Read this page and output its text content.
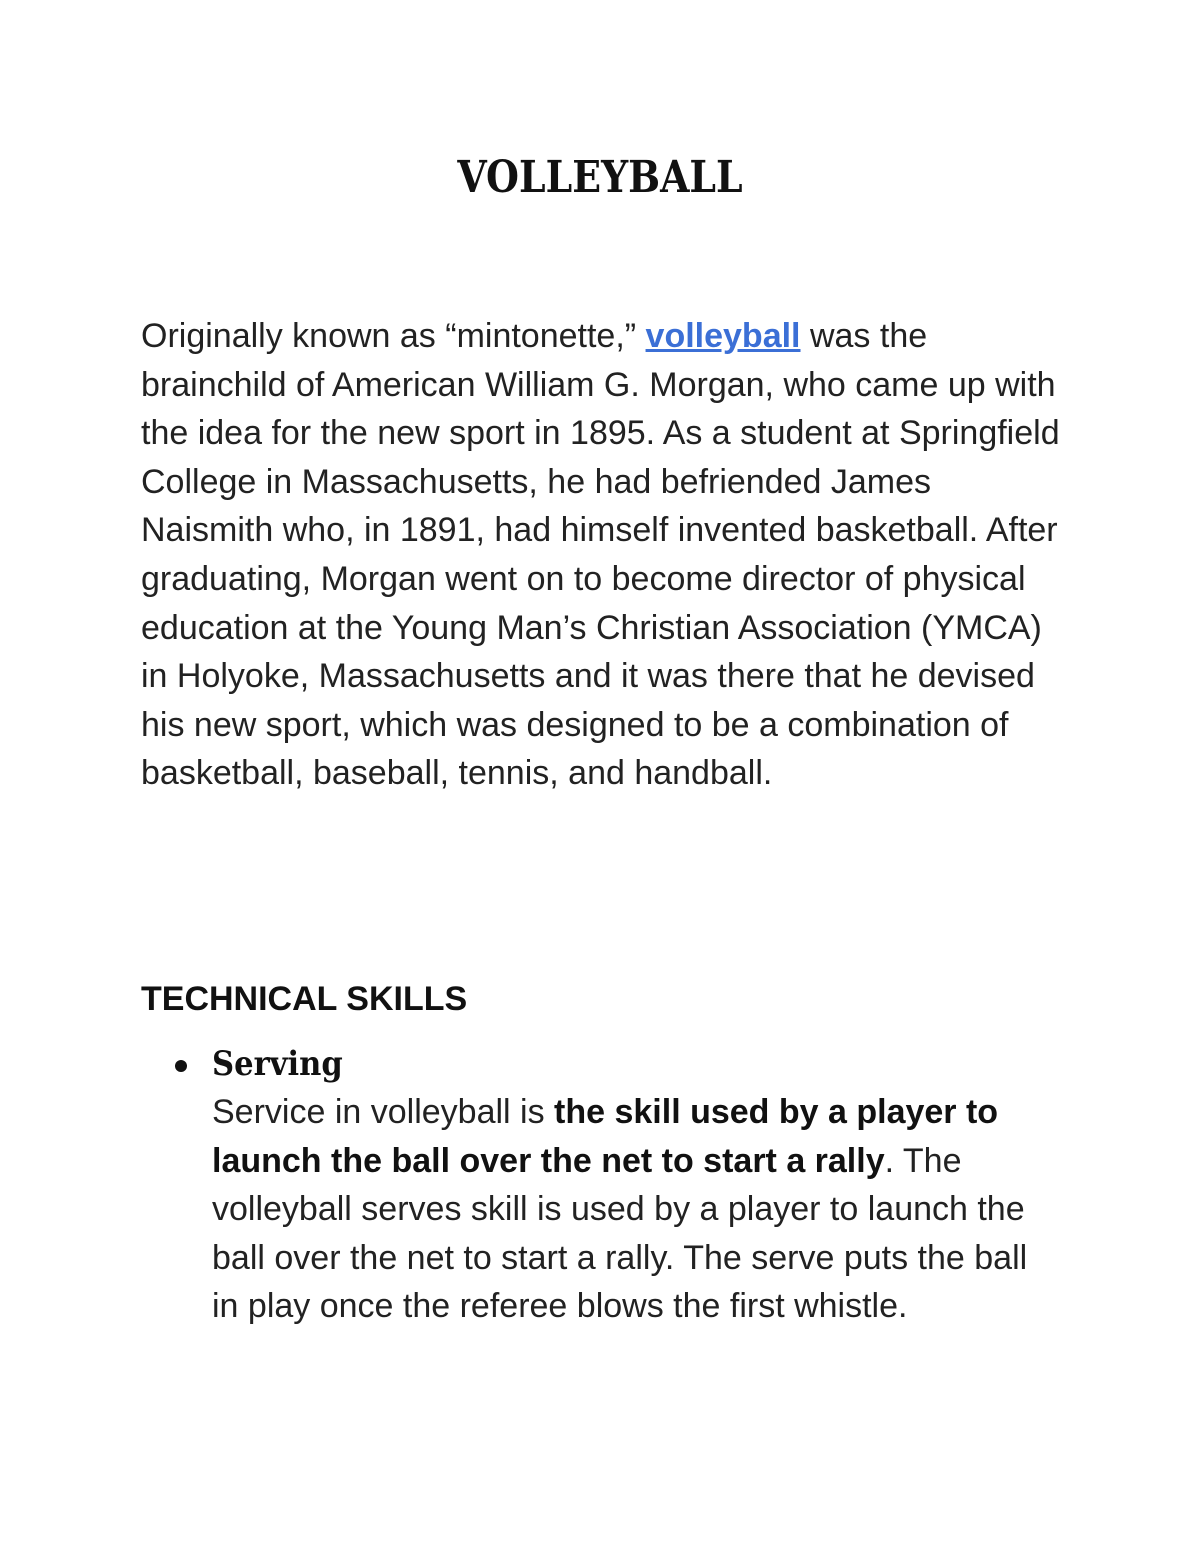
VOLLEYBALL

Originally known as “mintonette,” volleyball was the brainchild of American William G. Morgan, who came up with the idea for the new sport in 1895. As a student at Springfield College in Massachusetts, he had befriended James Naismith who, in 1891, had himself invented basketball. After graduating, Morgan went on to become director of physical education at the Young Man’s Christian Association (YMCA) in Holyoke, Massachusetts and it was there that he devised his new sport, which was designed to be a combination of basketball, baseball, tennis, and handball.

TECHNICAL SKILLS
Serving
Service in volleyball is the skill used by a player to launch the ball over the net to start a rally. The volleyball serves skill is used by a player to launch the ball over the net to start a rally. The serve puts the ball in play once the referee blows the first whistle.
